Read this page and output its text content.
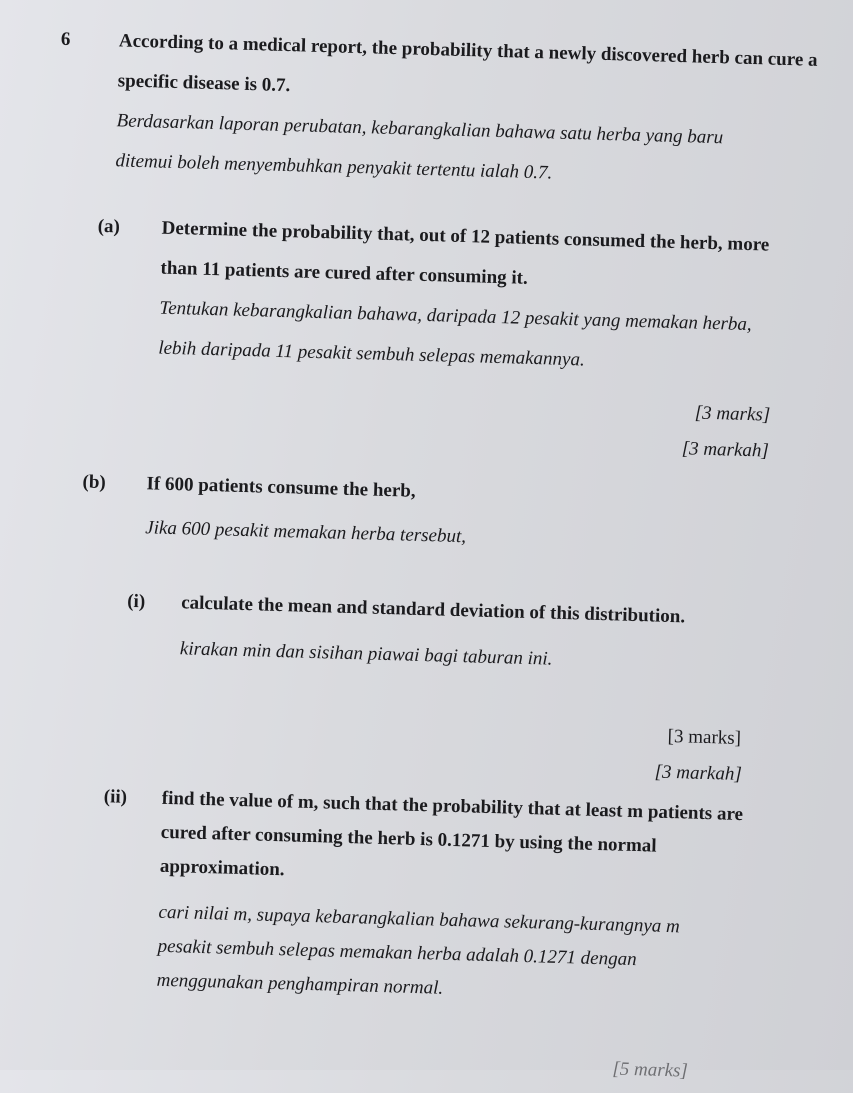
6	According to a medical report, the probability that a newly discovered herb can cure a
specific disease is 0.7.
Berdasarkan laporan perubatan, kebarangkalian bahawa satu herba yang baru
ditemui boleh menyembuhkan penyakit tertentu ialah 0.7.
(a) Determine the probability that, out of 12 patients consumed the herb, more
than 11 patients are cured after consuming it.
Tentukan kebarangkalian bahawa, daripada 12 pesakit yang memakan herba,
lebih daripada 11 pesakit sembuh selepas memakannya.
[3 marks]
[3 markah]
(b) If 600 patients consume the herb,
Jika 600 pesakit memakan herba tersebut,
(i) calculate the mean and standard deviation of this distribution.
kirakan min dan sisihan piawai bagi taburan ini.
[3 marks]
[3 markah]
(ii) find the value of m, such that the probability that at least m patients are
cured after consuming the herb is 0.1271 by using the normal
approximation.
cari nilai m, supaya kebarangkalian bahawa sekurang-kurangnya m
pesakit sembuh selepas memakan herba adalah 0.1271 dengan
menggunakan penghampiran normal.
[5 marks]
